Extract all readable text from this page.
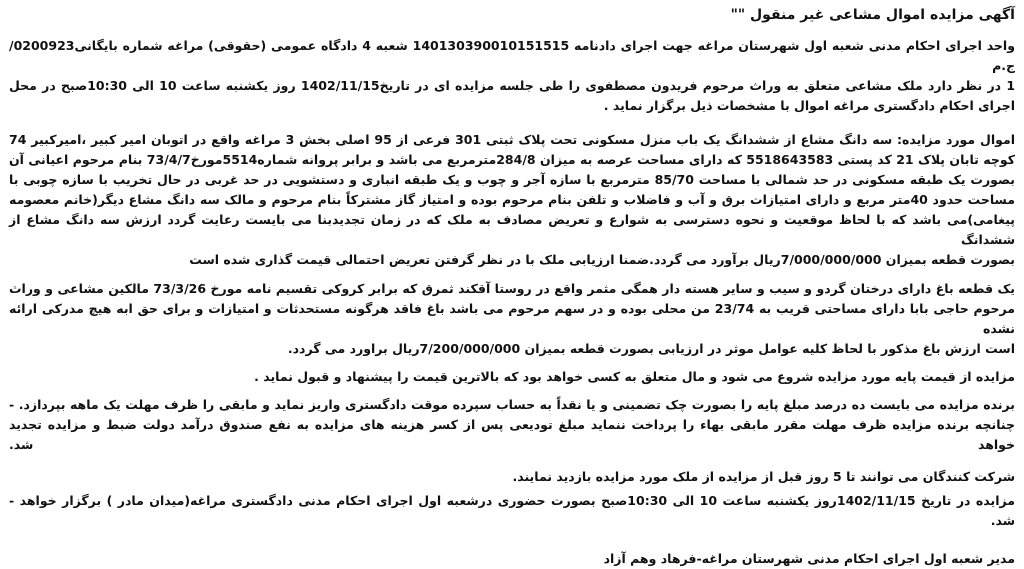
آگهی مزایده اموال مشاعی غیر منقول ""
واحد اجرای احکام مدنی شعبه اول شهرستان مراغه جهت اجرای دادنامه 140130390010151515 شعبه 4 دادگاه عمومی (حقوقی) مراغه شماره بایگانی0200923/ج.م
1 در نظر دارد ملک مشاعی متعلق به وراث مرحوم فریدون مصطفوی را طی جلسه مزایده ای در تاریخ1402/11/15 روز یکشنبه ساعت 10 الی 10:30صبح در محل
اجرای احکام دادگستری مراغه اموال با مشخصات ذیل برگزار نماید .
اموال مورد مزایده: سه دانگ مشاع از ششدانگ یک باب منزل مسکونی تحت پلاک ثبتی 301 فرعی از 95 اصلی بخش 3 مراغه واقع در اتوبان امیر کبیر ،امیرکبیر 74
کوچه تابان پلاک 21 کد پستی 5518643583 که دارای مساحت عرصه به میزان 284/8مترمربع می باشد و برابر پروانه شماره5514مورخ73/4/7 بنام مرحوم اعیانی آن
بصورت یک طبقه مسکونی در حد شمالی با مساحت 85/70 مترمربع با سازه آجر و چوب و یک طبقه انباری و دستشویی در حد غربی در حال تخریب با سازه چوبی با
مساحت حدود 40متر مربع و دارای امتیازات برق و آب و فاضلاب و تلفن بنام مرحوم بوده و امتیاز گاز مشترکاً بنام مرحوم و مالک سه دانگ مشاع دیگر(خانم معصومه
پیغامی)می باشد که با لحاظ موقعیت و نحوه دسترسی به شوارع و تعریض مصادف به ملک که در زمان تجدیدبنا می بایست رعایت گردد ارزش سه دانگ مشاع از ششدانگ
بصورت قطعه بمیزان 7/000/000/000ریال برآورد می گردد.ضمنا ارزیابی ملک با در نظر گرفتن تعریض احتمالی قیمت گذاری شده است
یک قطعه باغ دارای درختان گردو و سیب و سایر هسته دار همگی مثمر واقع در روستا آقکند ثمرق که برابر کروکی تقسیم نامه مورخ 73/3/26 مالکین مشاعی و وراث
مرحوم حاجی بابا دارای مساحتی قریب به 23/74 من محلی بوده و در سهم مرحوم می باشد باغ فاقد هرگونه مستحدثات و امتیازات و برای حق ابه هیچ مدرکی ارائه نشده
است ارزش باغ مذکور با لحاظ کلیه عوامل موثر در ارزیابی بصورت قطعه بمیزان 7/200/000/000ریال براورد می گردد.
مزایده از قیمت پایه مورد مزایده شروع می شود و مال متعلق به کسی خواهد بود که بالاترین قیمت را پیشنهاد و قبول نماید .
برنده مزایده می بایست ده درصد مبلغ پایه را بصورت چک تضمینی و یا نقداً به حساب سپرده موقت دادگستری واریز نماید و مابقی را ظرف مهلت یک ماهه بپردازد. -
چنانچه برنده مزایده ظرف مهلت مقرر مابقی بهاء را پرداخت ننماید مبلغ تودیعی پس از کسر هزینه های مزایده به نفع صندوق درآمد دولت ضبط و مزایده تجدید خواهد شد.
شرکت کنندگان می توانند تا 5 روز قبل از مزایده از ملک مورد مزایده بازدید نمایند.
مزایده در تاریخ 1402/11/15روز یکشنبه ساعت 10 الی 10:30صبح بصورت حضوری درشعبه اول اجرای احکام مدنی دادگستری مراغه(میدان مادر ) برگزار خواهد -
شد.
مدیر شعبه اول اجرای احکام مدنی شهرستان مراغه-فرهاد وهم آزاد
